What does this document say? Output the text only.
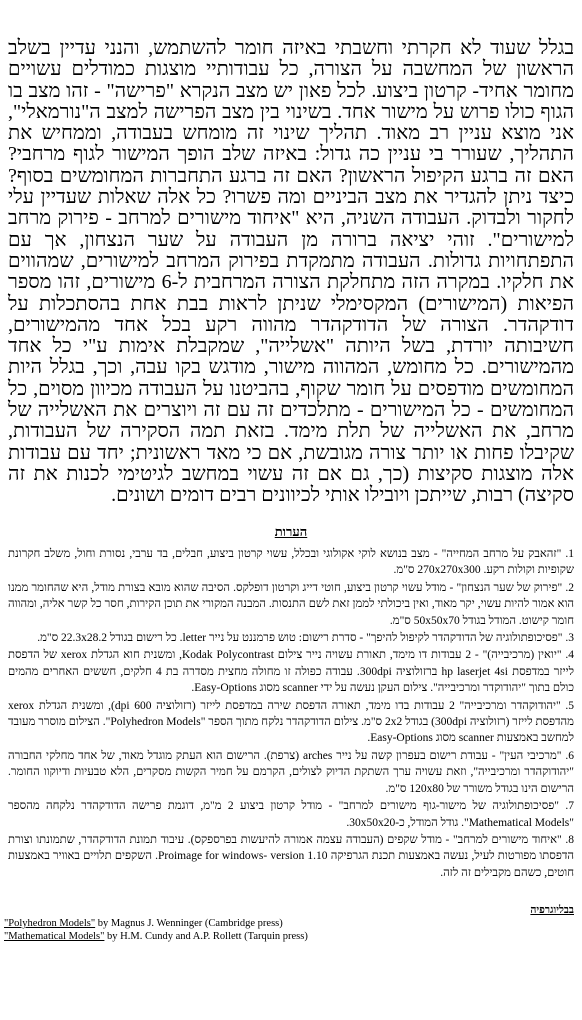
בגלל שעוד לא חקרתי וחשבתי באיזה חומר להשתמש, והנני עדיין בשלב הראשון של המחשבה על הצורה, כל עבודותיי מוצגות כמודלים עשויים מחומר אחיד- קרטון ביצוע. לכל פאון יש מצב הנקרא "פרישה" - זהו מצב בו הגוף כולו פרוש על מישור אחד. בשינוי בין מצב הפרישה למצב ה"נורמאלי", אני מוצא עניין רב מאוד. תהליך שינוי זה מומחש בעבודה, וממחיש את התהליך, שעורר בי עניין כה גדול: באיזה שלב הופך המישור לגוף מרחבי? האם זה ברגע הקיפול הראשון? האם זה ברגע התחברות המחומשים בסוף? כיצד ניתן להגדיר את מצב הביניים ומה פשרו? כל אלה שאלות שעדיין עלי לחקור ולבדוק. העבודה השניה, היא "איחוד מישורים למרחב - פירוק מרחב למישורים". זוהי יציאה ברורה מן העבודה על שער הנצחון, אך עם התפתחויות גדולות. העבודה מתמקדת בפירוק המרחב למישורים, שמהווים את חלקיו. במקרה הזה מתחלקת הצורה המרחבית ל-6 מישורים, זהו מספר הפיאות (המישורים) המקסימלי שניתן לראות בבת אחת בהסתכלות על דודקהדר. הצורה של הדודקהדר מהווה רקע בכל אחד מהמישורים, חשיבותה יורדת, בשל היותה "אשלייה", שמקבלת אימות ע"י כל אחד מהמישורים. כל מחומש, המהווה מישור, מודגש בקו עבה, וכך, בגלל היות המחומשים מודפסים על חומר שקוף, בהביטנו על העבודה מכיוון מסוים, כל המחומשים - כל המישורים - מתלכדים זה עם זה ויוצרים את האשלייה של מרחב, את האשלייה של תלת מימד. בזאת תמה הסקירה של העבודות, שקיבלו פחות או יותר צורה מגובשת, אם כי מאד ראשונית; יחד עם עבודות אלה מוצגות סקיצות (כך, גם אם זה עשוי במחשב לגיטימי לכנות את זה סקיצה) רבות, שייתכן ויובילו אותי לכיוונים רבים דומים ושונים.

הערות

1. "זהאבק על מרחב המחייה" - מצב בנושא לוקי אקולוגי ובכלל, עשוי קרטון ביצוע, חבלים, בד ערבי, נסורת וחול, משלב חקרונת שקופיות וקולות רקע. 270x270x300 ס"מ.

2. "פירוק של שער הנצחון" - מודל עשוי קרטון ביצוע, חוטי דייג וקרטון דופלקס. הסיבה שהוא מובא בצורת מודל, היא שהחומר ממנו הוא אמור להיות עשוי, יקר מאוד, ואין ביכולתי לממן זאת לשם התנסות. המבנה המקורי את תוכן הקירות, חסר כל קשר אליה, ומהווה חומר קישוט. המודל בגודל 50x50x70 ס"מ.

3. "פסיכופתולוגיה של הדודקהדר לקיפול להיפך" - סדרת רישום: טוש פרמננט על נייר letter. כל רישום בגודל 22.3x28.2 ס"מ.

4. "יואין (מרכיבייה)" - 2 עבודות דו מימד, תאורת עשויה נייר צילום Kodak Polycontrast, ומשנית חוא הגדלת xerox של הדפסת לייזר במדפסת hp laserjet 4si ברזולוציה 300dpi. עבודה כפולה זו מחולה מחצית מסדרה בת 4 חלקים, חששים האחרים מהמים כולם בתוך "יהודוקדר ומרכיבייה". צילום העקן נעשה על ידי scanner מסוג Easy-Options.

5. "יהודוקהדר ומרכיבייה" 2 עבודות בדו מימד, תאורה הדפסת שירה במדפסת לייזר (רזולוציה 600 dpi), ומשנית הגדלת xerox מהדפסת לייזר (רזולוציה 300dpi) בגודל 2x2 ס"מ. צילום הדודקהדר נלקח מתוך הספר "Polyhedron Models". הצילום מוסרר מעובד למחשב באמצעות scanner מסוג Easy-Options.

6. "מרכיבי העין" - עבודת רישום בעפרון קשה על נייר arches (צרפת). הרישום הוא העתק מוגדל מאוד, של אחד מחלקי החבורה "יהודוקהדר ומרכיבייה", וזאת עשויה ערך השתקת הדיוק לצולים, הקרמם על חמיר הקשות מסקרים, הלא טבעיות ודיוקוו החומר. הרישום הינו בגודל משורר של 120x80 ס"מ.

7. "פסיכופתולוגיה של מישור-גוף מישורים למרחב" - מודל קרטון ביצוע 2 מ"מ, דוגמת פרישה הדודקהדר נלקחה מהספר "Mathematical Models". גודל המודל, כ-30x50x20.

8. "איחוד מישורים למרחב" - מודל שקפים (העבודה עצמה אמורה להיעשות בפרספקס). עיבוד תמונת הדודקהדר, שתמונתו וצורת הדפסתו מפורטות לעיל, נעשה באמצעות תכנת הגרפיקה Proimage for windows- version 1.10. השקפים תלויים באוויר באמצעות חוטים, כשהם מקבילים זה לזה.

בבליוגרפיה
"Polyhedron Models" by Magnus J. Wenninger (Cambridge press)
"Mathematical Models" by H.M. Cundy and A.P. Rollett (Tarquin press)
